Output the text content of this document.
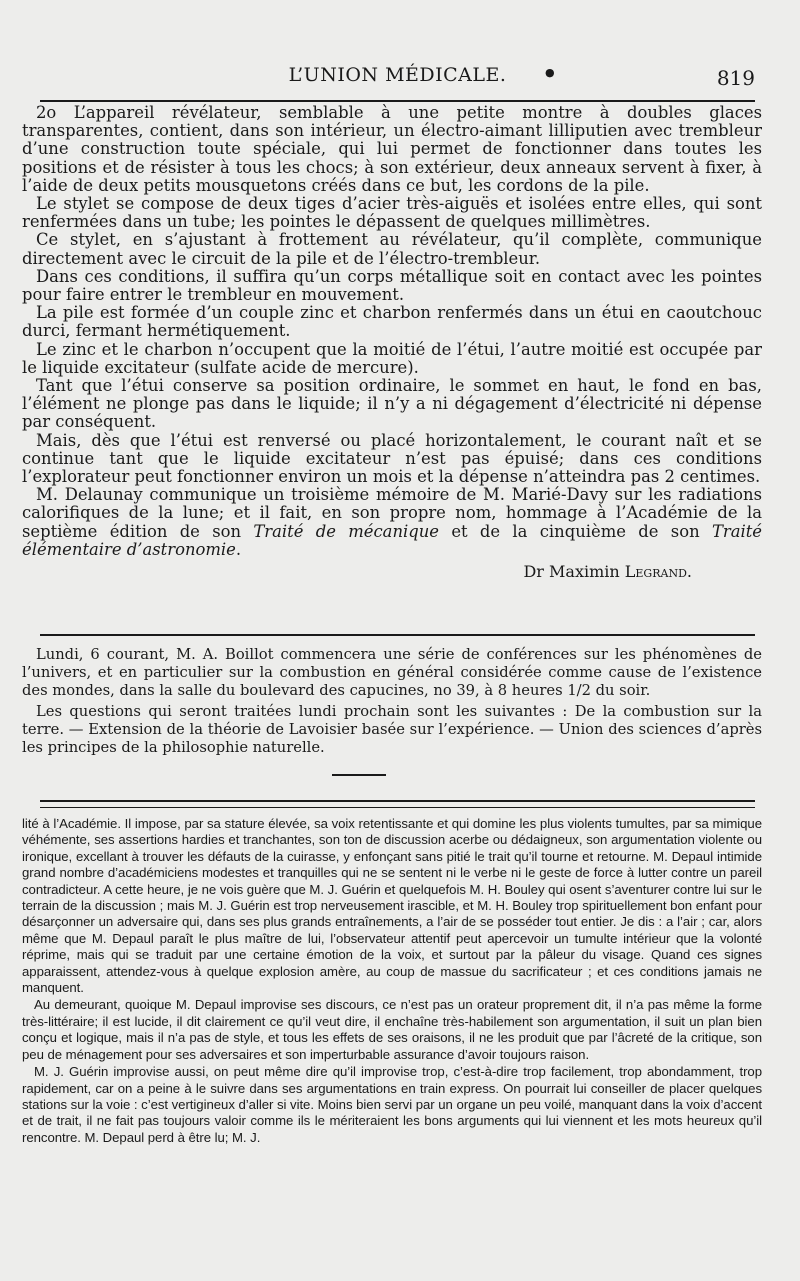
L’UNION MÉDICALE.	●	819

2o L’appareil révélateur, semblable à une petite montre à doubles glaces transparentes, contient, dans son intérieur, un électro-aimant lilliputien avec trembleur d’une construction toute spéciale, qui lui permet de fonctionner dans toutes les positions et de résister à tous les chocs; à son extérieur, deux anneaux servent à fixer, à l’aide de deux petits mousquetons créés dans ce but, les cordons de la pile.

Le stylet se compose de deux tiges d’acier très-aiguës et isolées entre elles, qui sont renfermées dans un tube; les pointes le dépassent de quelques millimètres.

Ce stylet, en s’ajustant à frottement au révélateur, qu’il complète, communique directement avec le circuit de la pile et de l’électro-trembleur.

Dans ces conditions, il suffira qu’un corps métallique soit en contact avec les pointes pour faire entrer le trembleur en mouvement.

La pile est formée d’un couple zinc et charbon renfermés dans un étui en caoutchouc durci, fermant hermétiquement.

Le zinc et le charbon n’occupent que la moitié de l’étui, l’autre moitié est occupée par le liquide excitateur (sulfate acide de mercure).

Tant que l’étui conserve sa position ordinaire, le sommet en haut, le fond en bas, l’élément ne plonge pas dans le liquide; il n’y a ni dégagement d’électricité ni dépense par conséquent.

Mais, dès que l’étui est renversé ou placé horizontalement, le courant naît et se continue tant que le liquide excitateur n’est pas épuisé; dans ces conditions l’explorateur peut fonctionner environ un mois et la dépense n’atteindra pas 2 centimes.

M. Delaunay communique un troisième mémoire de M. Marié-Davy sur les radiations calorifiques de la lune; et il fait, en son propre nom, hommage à l’Académie de la septième édition de son Traité de mécanique et de la cinquième de son Traité élémentaire d’astronomie.

Dr Maximin Legrand.

Lundi, 6 courant, M. A. Boillot commencera une série de conférences sur les phénomènes de l’univers, et en particulier sur la combustion en général considérée comme cause de l’existence des mondes, dans la salle du boulevard des capucines, no 39, à 8 heures 1/2 du soir.

Les questions qui seront traitées lundi prochain sont les suivantes : De la combustion sur la terre. — Extension de la théorie de Lavoisier basée sur l’expérience. — Union des sciences d’après les principes de la philosophie naturelle.

lité à l’Académie. Il impose, par sa stature élevée, sa voix retentissante et qui domine les plus violents tumultes, par sa mimique véhémente, ses assertions hardies et tranchantes, son ton de discussion acerbe ou dédaigneux, son argumentation violente ou ironique, excellant à trouver les défauts de la cuirasse, y enfonçant sans pitié le trait qu’il tourne et retourne. M. Depaul intimide grand nombre d’académiciens modestes et tranquilles qui ne se sentent ni le verbe ni le geste de force à lutter contre un pareil contradicteur. A cette heure, je ne vois guère que M. J. Guérin et quelquefois M. H. Bouley qui osent s’aventurer contre lui sur le terrain de la discussion ; mais M. J. Guérin est trop nerveusement irascible, et M. H. Bouley trop spirituellement bon enfant pour désarçonner un adversaire qui, dans ses plus grands entraînements, a l’air de se posséder tout entier. Je dis : a l’air ; car, alors même que M. Depaul paraît le plus maître de lui, l’observateur attentif peut apercevoir un tumulte intérieur que la volonté réprime, mais qui se traduit par une certaine émotion de la voix, et surtout par la pâleur du visage. Quand ces signes apparaissent, attendez-vous à quelque explosion amère, au coup de massue du sacrificateur ; et ces conditions jamais ne manquent.

Au demeurant, quoique M. Depaul improvise ses discours, ce n’est pas un orateur proprement dit, il n’a pas même la forme très-littéraire; il est lucide, il dit clairement ce qu’il veut dire, il enchaîne très-habilement son argumentation, il suit un plan bien conçu et logique, mais il n’a pas de style, et tous les effets de ses oraisons, il ne les produit que par l’âcreté de la critique, son peu de ménagement pour ses adversaires et son imperturbable assurance d’avoir toujours raison.

M. J. Guérin improvise aussi, on peut même dire qu’il improvise trop, c’est-à-dire trop facilement, trop abondamment, trop rapidement, car on a peine à le suivre dans ses argumentations en train express. On pourrait lui conseiller de placer quelques stations sur la voie : c’est vertigineux d’aller si vite. Moins bien servi par un organe un peu voilé, manquant dans la voix d’accent et de trait, il ne fait pas toujours valoir comme ils le mériteraient les bons arguments qui lui viennent et les mots heureux qu’il rencontre. M. Depaul perd à être lu; M. J.
